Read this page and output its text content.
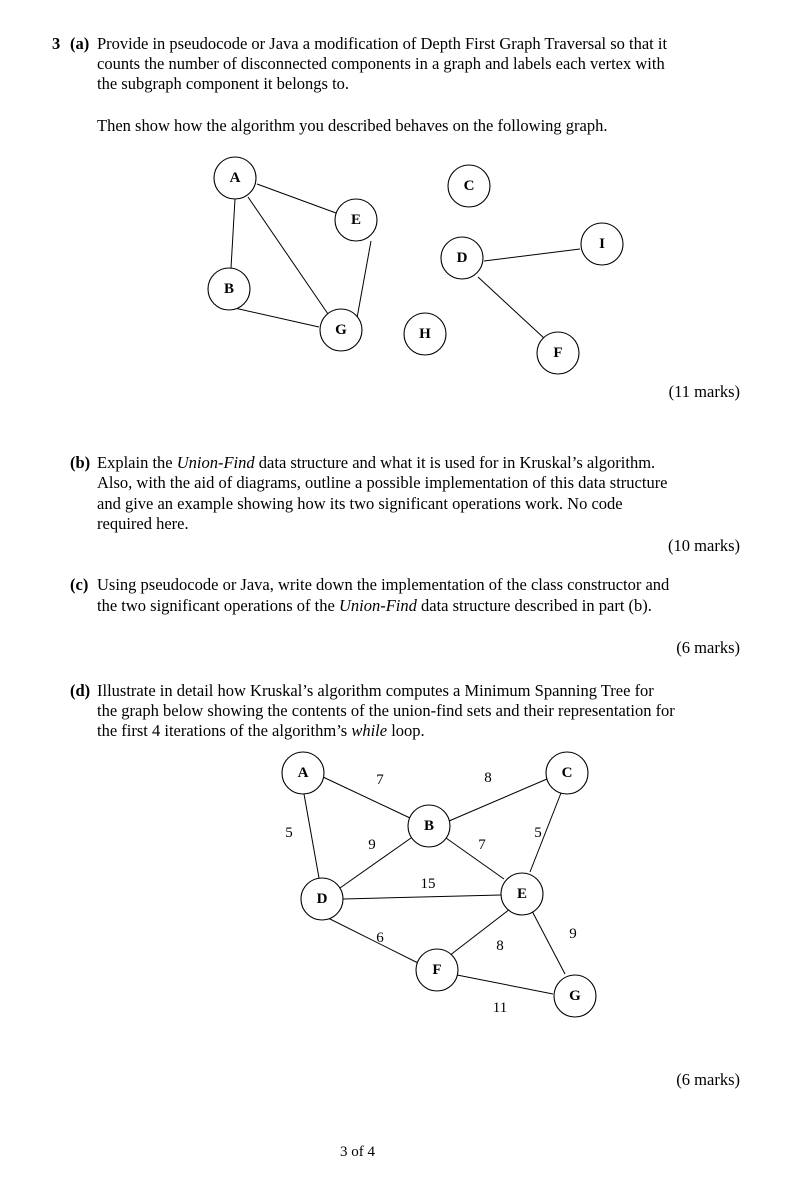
3 (a) Provide in pseudocode or Java a modification of Depth First Graph Traversal so that it
counts the number of disconnected components in a graph and labels each vertex with
the subgraph component it belongs to.
Then show how the algorithm you described behaves on the following graph.
A
B
C
D
E
F
G	H
I
7	8
5
9	7
5
15
6	8
9
11
A
B
C
D	E
F
G
(11 marks)
(b) Explain the Union-Find data structure and what it is used for in Kruskal’s algorithm.
Also, with the aid of diagrams, outline a possible implementation of this data structure
and give an example showing how its two significant operations work. No code
required here.
(10 marks)
(c) Using pseudocode or Java, write down the implementation of the class constructor and
the two significant operations of the Union-Find data structure described in part (b).
(6 marks)
(d) Illustrate in detail how Kruskal’s algorithm computes a Minimum Spanning Tree for
the graph below showing the contents of the union-find sets and their representation for
the first 4 iterations of the algorithm’s while loop.
(6 marks)
3 of 4
